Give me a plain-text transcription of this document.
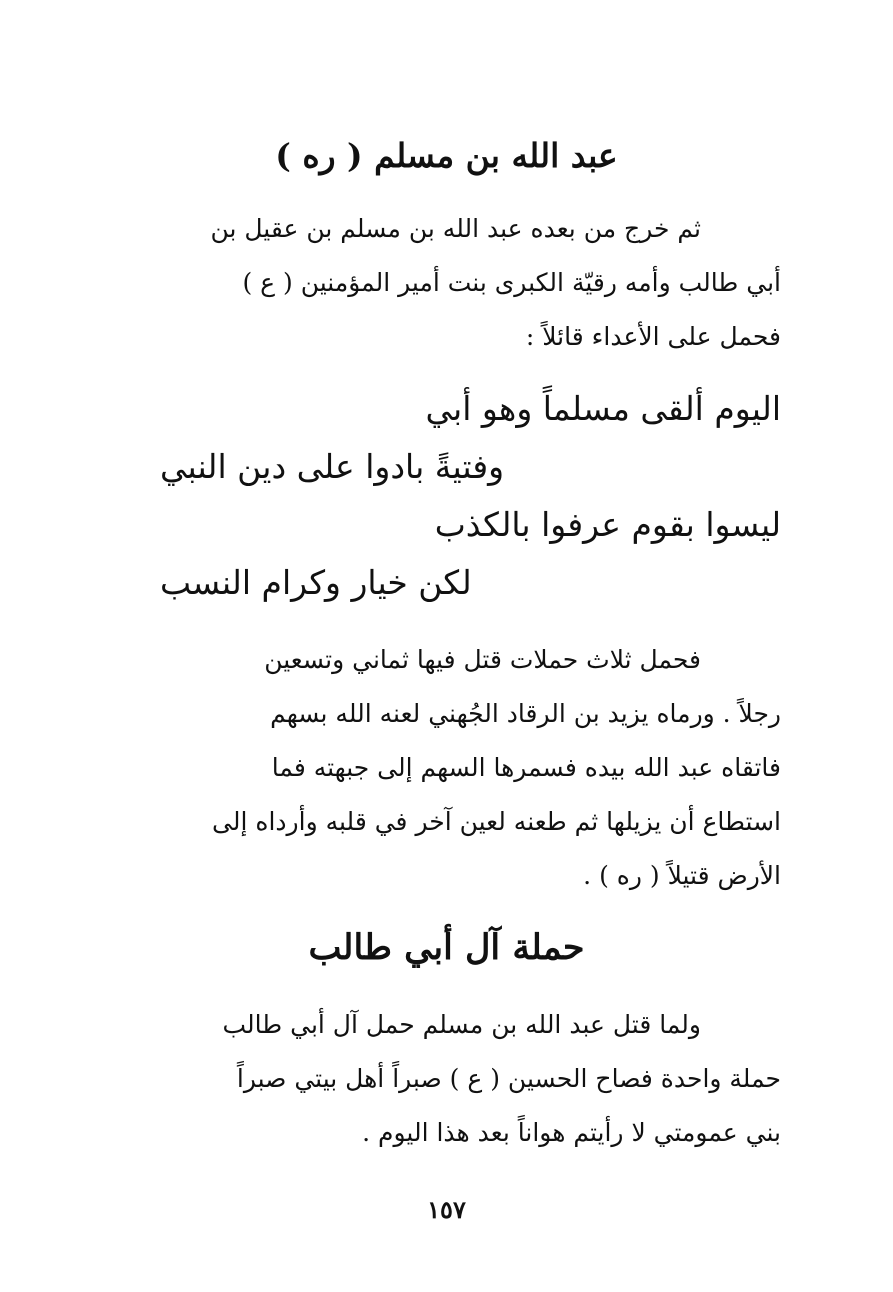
عبد الله بن مسلم ( ره )

ثم خرج من بعده عبد الله بن مسلم بن عقيل بن
أبي طالب وأمه رقيّة الكبرى بنت أمير المؤمنين ( ع )
فحمل على الأعداء قائلاً :

اليوم ألقى مسلماً وهو أبي
وفتيةً بادوا على دين النبي
ليسوا بقوم عرفوا بالكذب
لكن خيار وكرام النسب

فحمل ثلاث حملات قتل فيها ثماني وتسعين
رجلاً . ورماه يزيد بن الرقاد الجُهني لعنه الله بسهم
فاتقاه عبد الله بيده فسمرها السهم إلى جبهته فما
استطاع أن يزيلها ثم طعنه لعين آخر في قلبه وأرداه إلى
الأرض قتيلاً ( ره ) .

حملة آل أبي طالب

ولما قتل عبد الله بن مسلم حمل آل أبي طالب
حملة واحدة فصاح الحسين ( ع ) صبراً أهل بيتي صبراً
بني عمومتي لا رأيتم هواناً بعد هذا اليوم .

١٥٧
